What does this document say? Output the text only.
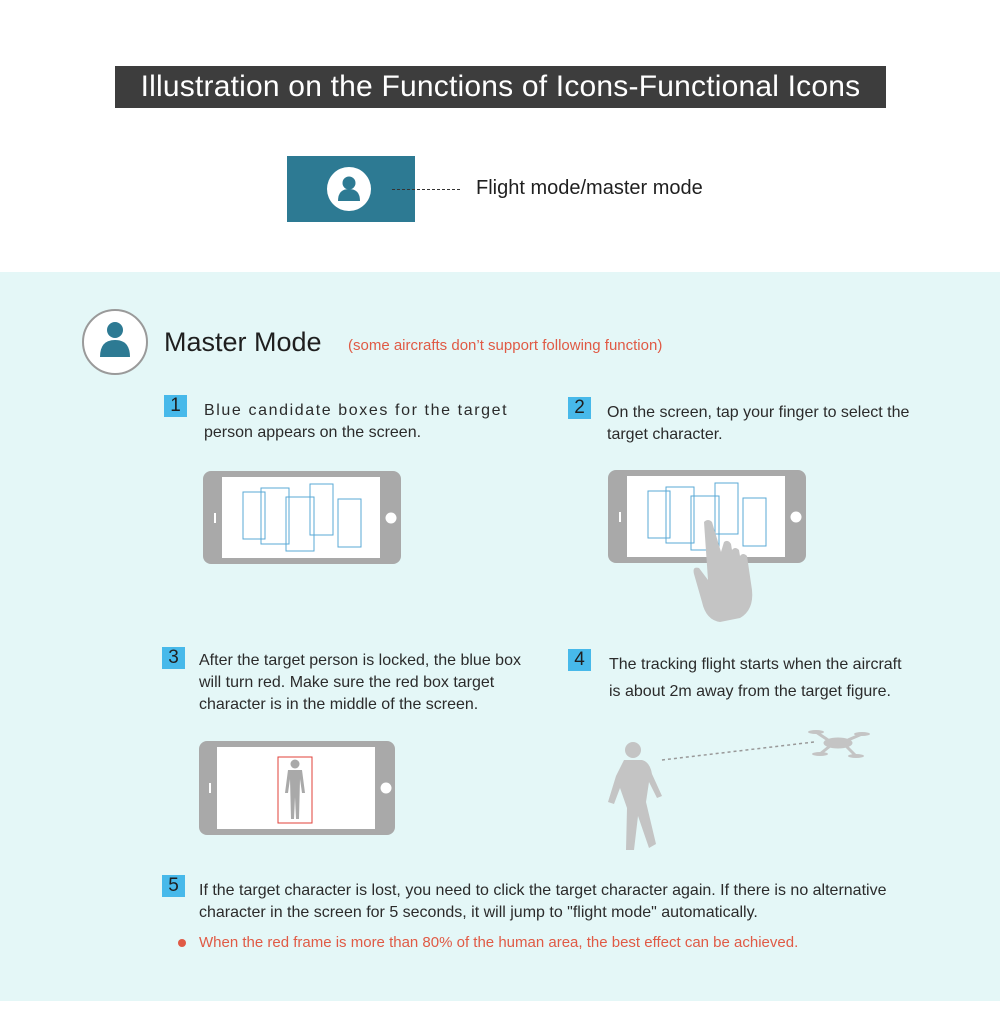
Illustration on the Functions of Icons-Functional Icons
Flight mode/master mode
Master Mode (some aircrafts don’t support following function)
1	Blue candidate boxes for the target
person appears on the screen.
2	On the screen, tap your finger to select the
target character.
3	After the target person is locked, the blue box
will turn red. Make sure the red box target
character is in the middle of the screen.
4	The tracking flight starts when the aircraft
is about 2m away from the target figure.
5	If the target character is lost, you need to click the target character again. If there is no alternative
character in the screen for 5 seconds, it will jump to "flight mode" automatically.
When the red frame is more than 80% of the human area, the best effect can be achieved.
